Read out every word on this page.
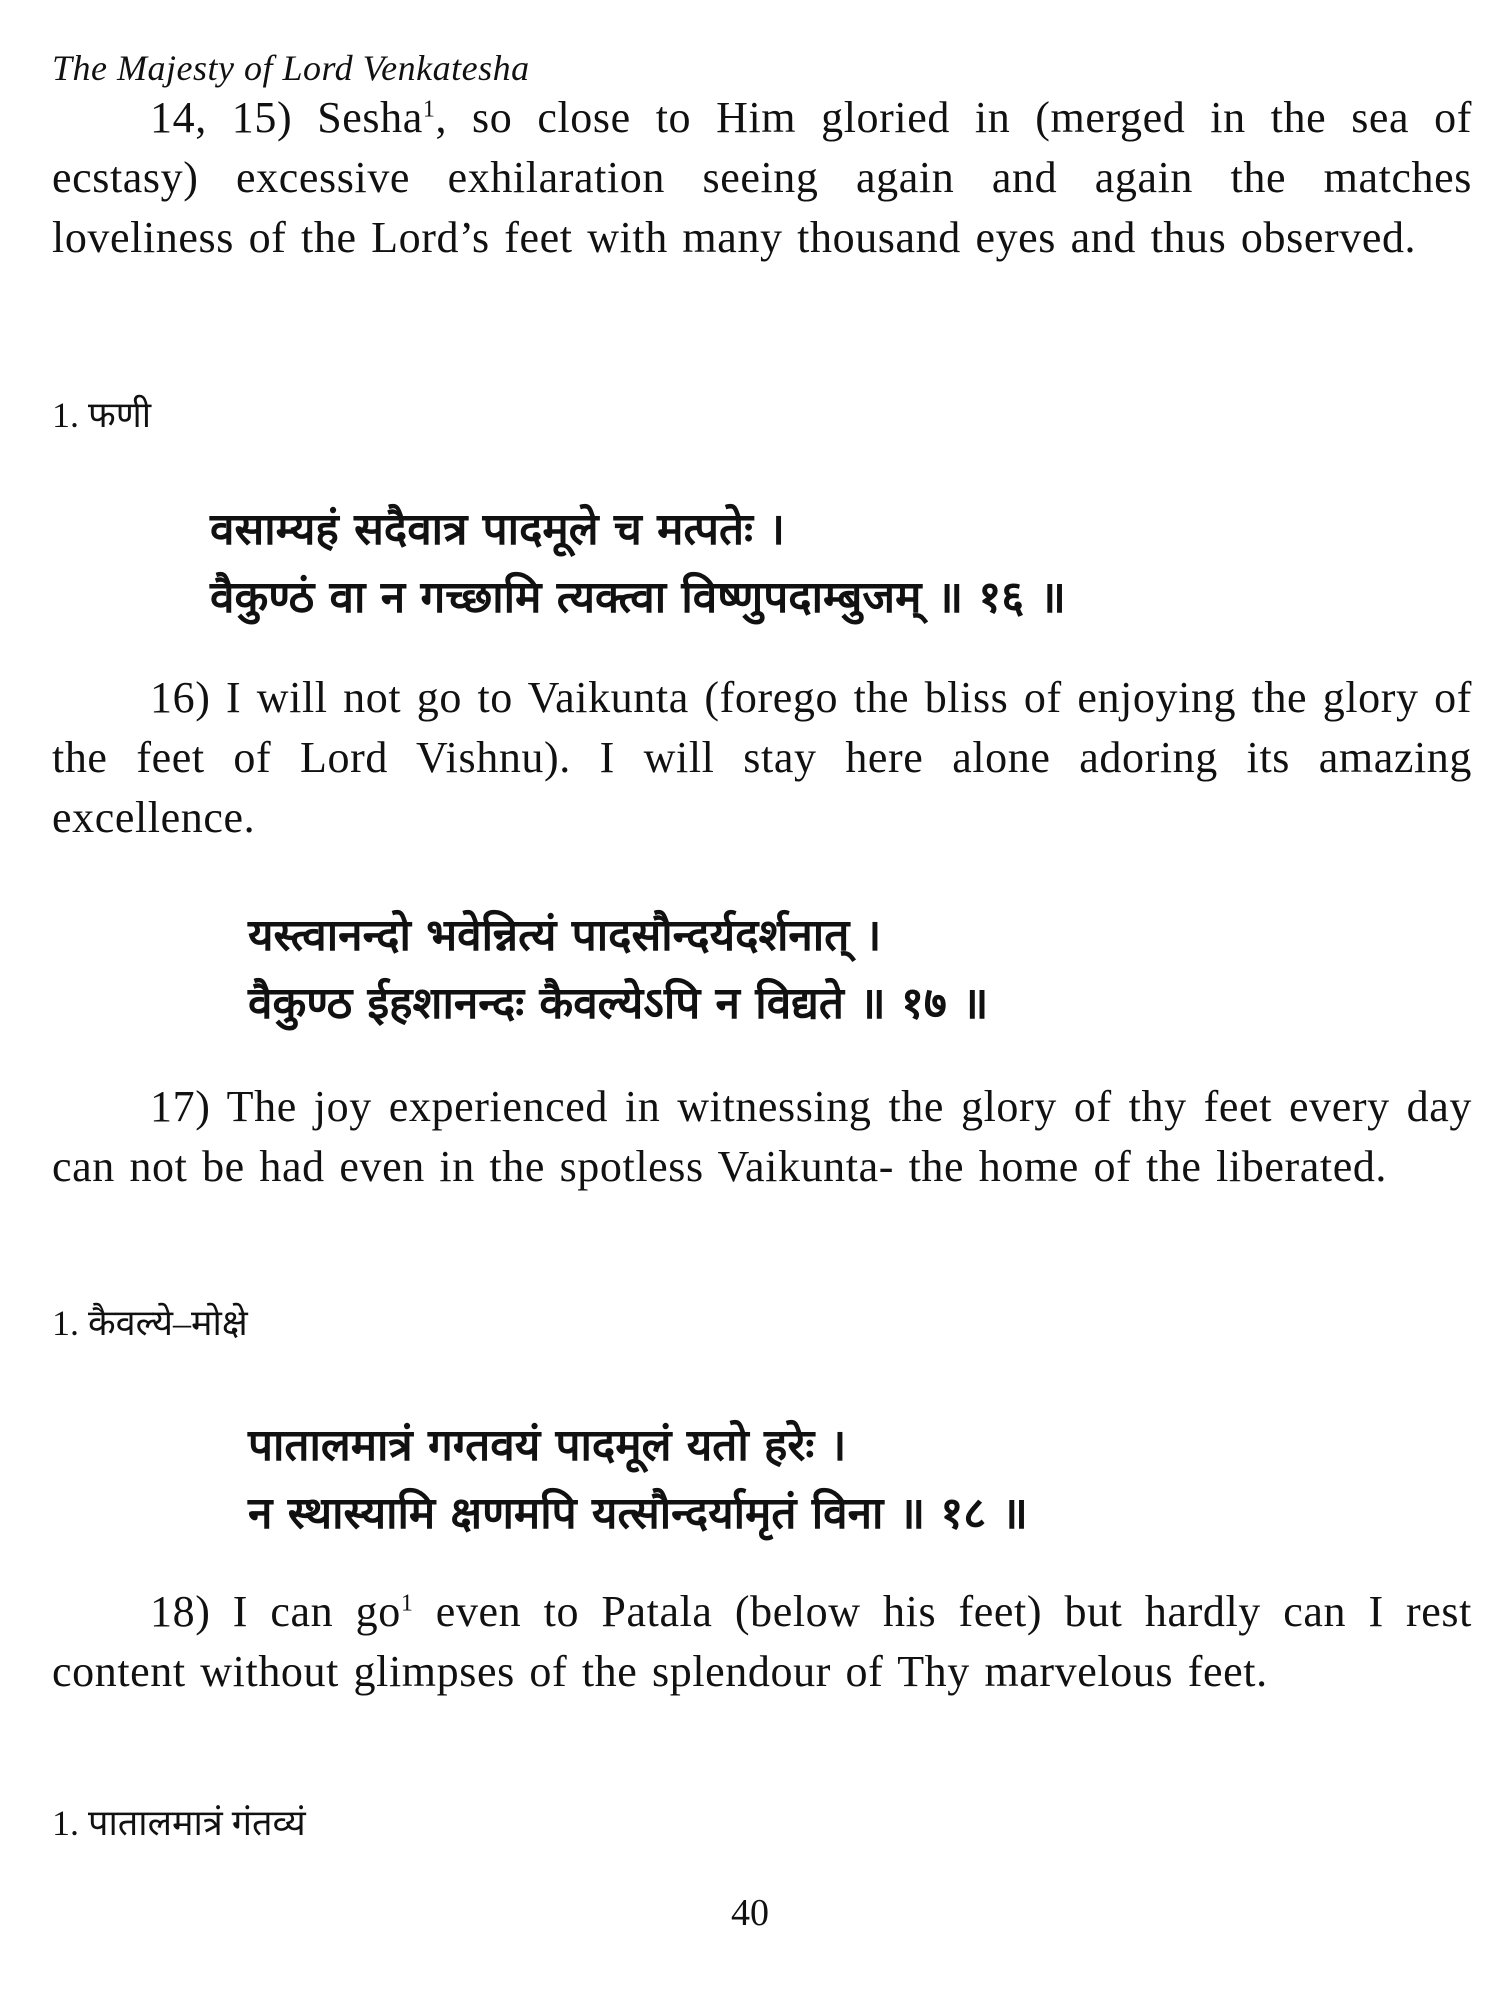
The Majesty of Lord Venkatesha

14, 15) Sesha$^1$, so close to Him gloried in (merged in the sea of ecstasy) excessive exhilaration seeing again and again the matches loveliness of the Lord’s feet with many thousand eyes and thus observed.

1. फणी
वसाम्यहं सदैवात्र पादमूले च मत्पतेः ।
वैकुण्ठं वा न गच्छामि त्यक्त्वा विष्णुपदाम्बुजम् ॥ १६ ॥

16) I will not go to Vaikunta (forego the bliss of enjoying the glory of the feet of Lord Vishnu). I will stay here alone adoring its amazing excellence.

यस्त्वानन्दो भवेन्नित्यं पादसौन्दर्यदर्शनात् ।
वैकुण्ठ ईहशानन्दः कैवल्येऽपि न विद्यते ॥ १७ ॥

17) The joy experienced in witnessing the glory of thy feet every day can not be had even in the spotless Vaikunta- the home of the liberated.

1. कैवल्ये–मोक्षे
पातालमात्रं गग्तवयं पादमूलं यतो हरेः ।
न स्थास्यामि क्षणमपि यत्सौन्दर्यामृतं विना ॥ १८ ॥

18) I can $go^1$ even to Patala (below his feet) but hardly can I rest content without glimpses of the splendour of Thy marvelous feet.

1. पातालमात्रं गंतव्यं
40
